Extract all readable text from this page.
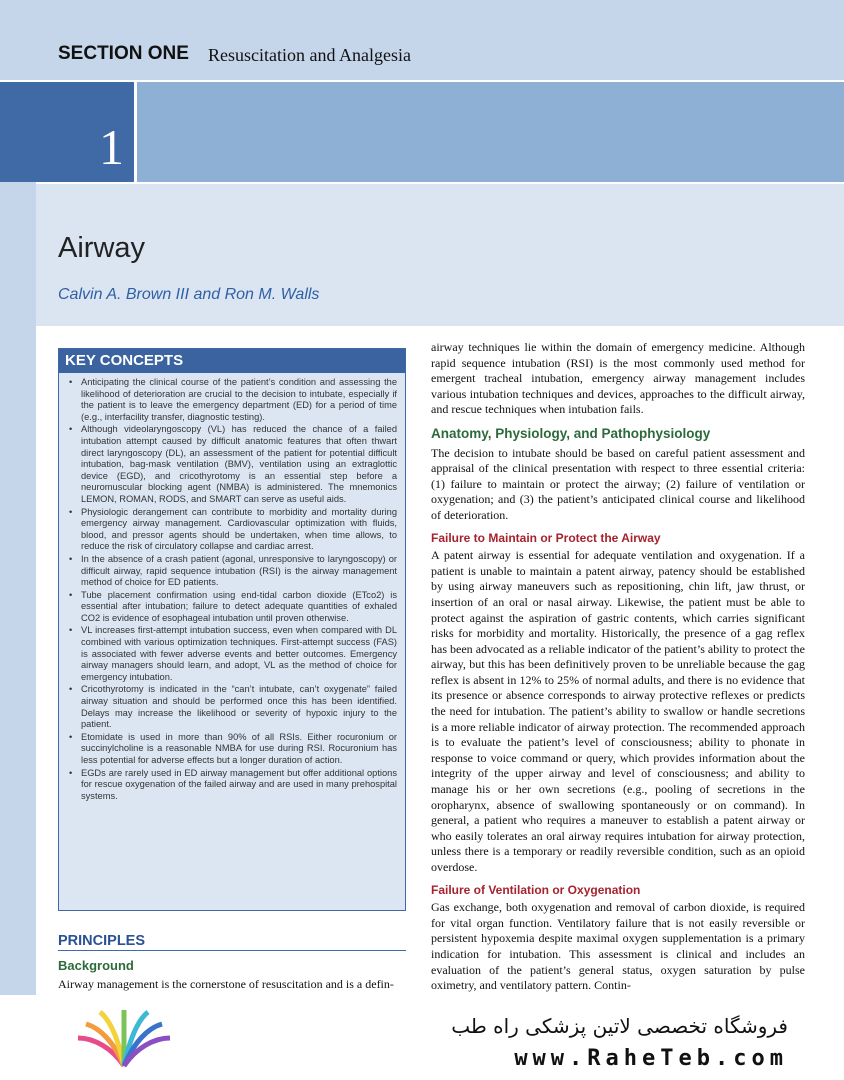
SECTION ONE Resuscitation and Analgesia
1
Airway
Calvin A. Brown III and Ron M. Walls
KEY CONCEPTS
• Anticipating the clinical course of the patient’s condition and assessing the likelihood of deterioration are crucial to the decision to intubate, especially if the patient is to leave the emergency department (ED) for a period of time (e.g., interfacility transfer, diagnostic testing).
• Although videolaryngoscopy (VL) has reduced the chance of a failed intubation attempt caused by difficult anatomic features that often thwart direct laryngoscopy (DL), an assessment of the patient for potential difficult intubation, bag-mask ventilation (BMV), ventilation using an extraglottic device (EGD), and cricothyrotomy is an essential step before a neuromuscular blocking agent (NMBA) is administered. The mnemonics LEMON, ROMAN, RODS, and SMART can serve as useful aids.
• Physiologic derangement can contribute to morbidity and mortality during emergency airway management. Cardiovascular optimization with fluids, blood, and pressor agents should be undertaken, when time allows, to reduce the risk of circulatory collapse and cardiac arrest.
• In the absence of a crash patient (agonal, unresponsive to laryngoscopy) or difficult airway, rapid sequence intubation (RSI) is the airway management method of choice for ED patients.
• Tube placement confirmation using end-tidal carbon dioxide (ETco2) is essential after intubation; failure to detect adequate quantities of exhaled CO2 is evidence of esophageal intubation until proven otherwise.
• VL increases first-attempt intubation success, even when compared with DL combined with various optimization techniques. First-attempt success (FAS) is associated with fewer adverse events and better outcomes. Emergency airway managers should learn, and adopt, VL as the method of choice for emergency intubation.
• Cricothyrotomy is indicated in the “can’t intubate, can’t oxygenate” failed airway situation and should be performed once this has been identified. Delays may increase the likelihood or severity of hypoxic injury to the patient.
• Etomidate is used in more than 90% of all RSIs. Either rocuronium or succinylcholine is a reasonable NMBA for use during RSI. Rocuronium has less potential for adverse effects but a longer duration of action.
• EGDs are rarely used in ED airway management but offer additional options for rescue oxygenation of the failed airway and are used in many prehospital systems.
PRINCIPLES
Background
Airway management is the cornerstone of resuscitation and is a defin-

airway techniques lie within the domain of emergency medicine. Although rapid sequence intubation (RSI) is the most commonly used method for emergent tracheal intubation, emergency airway management includes various intubation techniques and devices, approaches to the difficult airway, and rescue techniques when intubation fails.

Anatomy, Physiology, and Pathophysiology

The decision to intubate should be based on careful patient assessment and appraisal of the clinical presentation with respect to three essential criteria: (1) failure to maintain or protect the airway; (2) failure of ventilation or oxygenation; and (3) the patient’s anticipated clinical course and likelihood of deterioration.

Failure to Maintain or Protect the Airway

A patent airway is essential for adequate ventilation and oxygenation. If a patient is unable to maintain a patent airway, patency should be established by using airway maneuvers such as repositioning, chin lift, jaw thrust, or insertion of an oral or nasal airway. Likewise, the patient must be able to protect against the aspiration of gastric contents, which carries significant risks for morbidity and mortality. Historically, the presence of a gag reflex has been advocated as a reliable indicator of the patient’s ability to protect the airway, but this has been definitively proven to be unreliable because the gag reflex is absent in 12% to 25% of normal adults, and there is no evidence that its presence or absence corresponds to airway protective reflexes or predicts the need for intubation. The patient’s ability to swallow or handle secretions is a more reliable indicator of airway protection. The recommended approach is to evaluate the patient’s level of consciousness; ability to phonate in response to voice command or query, which provides information about the integrity of the upper airway and level of consciousness; and ability to manage his or her own secretions (e.g., pooling of secretions in the oropharynx, absence of swallowing spontaneously or on command). In general, a patient who requires a maneuver to establish a patent airway or who easily tolerates an oral airway requires intubation for airway protection, unless there is a temporary or readily reversible condition, such as an opioid overdose.

Failure of Ventilation or Oxygenation

Gas exchange, both oxygenation and removal of carbon dioxide, is required for vital organ function. Ventilatory failure that is not easily reversible or persistent hypoxemia despite maximal oxygen supplementation is a primary indication for intubation. This assessment is clinical and includes an evaluation of the patient’s general status, oxygen saturation by pulse oximetry, and ventilatory pattern. Contin-

فروشگاه تخصصی لاتین پزشکی راه طب
www.RaheTeb.com
